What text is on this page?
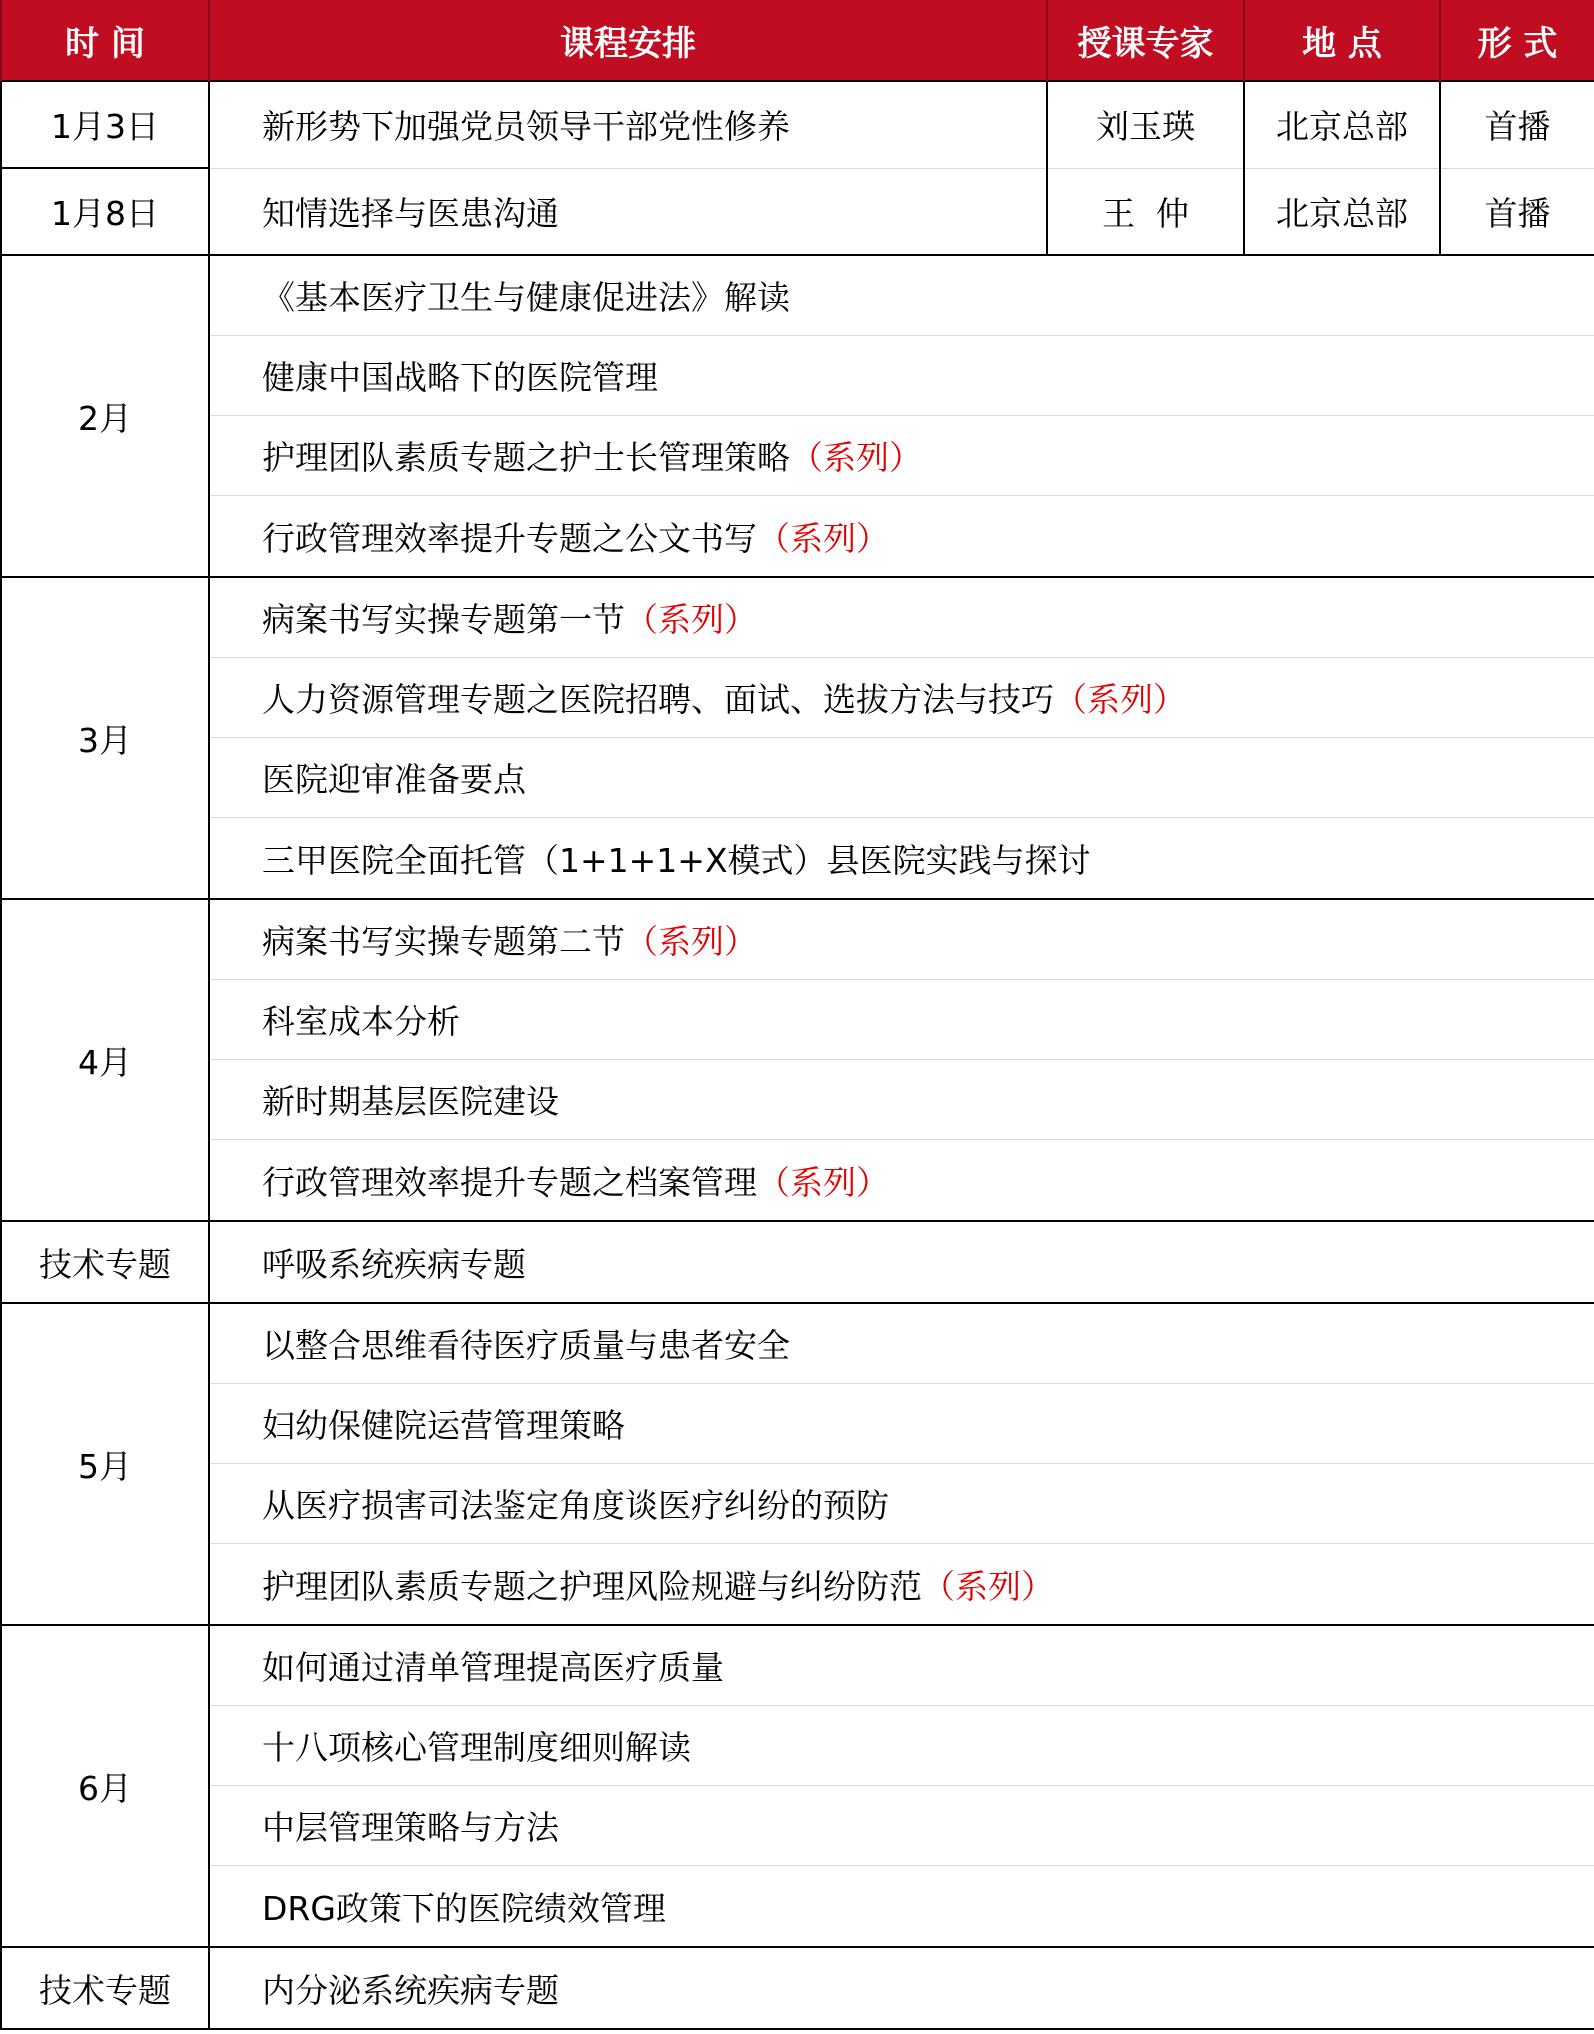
时 间	课程安排	授课专家	地 点	形 式
1月3日	新形势下加强党员领导干部党性修养	刘玉瑛	北京总部	首播
1月8日	知情选择与医患沟通	王  仲	北京总部	首播
2月	《基本医疗卫生与健康促进法》解读			
	健康中国战略下的医院管理			
	护理团队素质专题之护士长管理策略（系列）			
	行政管理效率提升专题之公文书写（系列）			
3月	病案书写实操专题第一节（系列）			
	人力资源管理专题之医院招聘、面试、选拔方法与技巧（系列）			
	医院迎审准备要点			
	三甲医院全面托管（1+1+1+X模式）县医院实践与探讨			
4月	病案书写实操专题第二节（系列）			
	科室成本分析			
	新时期基层医院建设			
	行政管理效率提升专题之档案管理（系列）			
技术专题	呼吸系统疾病专题			
5月	以整合思维看待医疗质量与患者安全			
	妇幼保健院运营管理策略			
	从医疗损害司法鉴定角度谈医疗纠纷的预防			
	护理团队素质专题之护理风险规避与纠纷防范（系列）			
6月	如何通过清单管理提高医疗质量			
	十八项核心管理制度细则解读			
	中层管理策略与方法			
	DRG政策下的医院绩效管理			
技术专题	内分泌系统疾病专题			
